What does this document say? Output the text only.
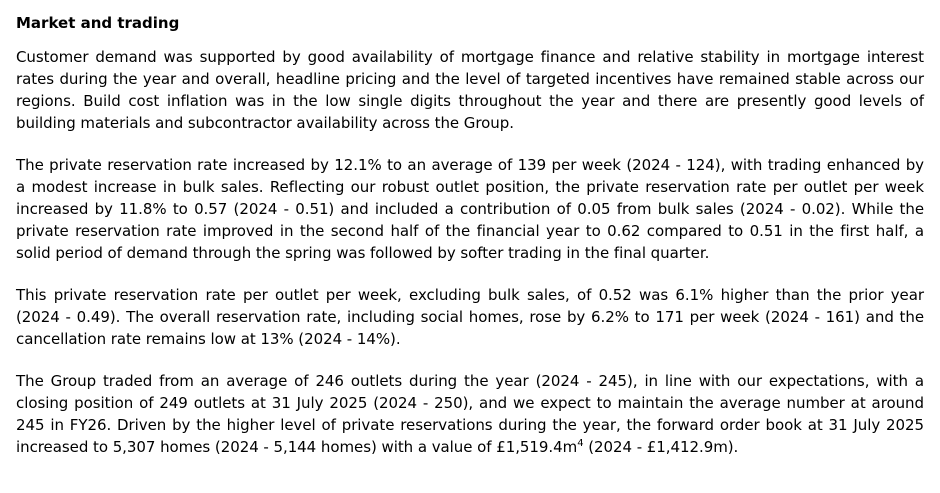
Market and trading

Customer demand was supported by good availability of mortgage finance and relative stability in mortgage interest rates during the year and overall, headline pricing and the level of targeted incentives have remained stable across our regions. Build cost inflation was in the low single digits throughout the year and there are presently good levels of building materials and subcontractor availability across the Group.

The private reservation rate increased by 12.1% to an average of 139 per week (2024 - 124), with trading enhanced by a modest increase in bulk sales. Reflecting our robust outlet position, the private reservation rate per outlet per week increased by 11.8% to 0.57 (2024 - 0.51) and included a contribution of 0.05 from bulk sales (2024 - 0.02). While the private reservation rate improved in the second half of the financial year to 0.62 compared to 0.51 in the first half, a solid period of demand through the spring was followed by softer trading in the final quarter.

This private reservation rate per outlet per week, excluding bulk sales, of 0.52 was 6.1% higher than the prior year (2024 - 0.49). The overall reservation rate, including social homes, rose by 6.2% to 171 per week (2024 - 161) and the cancellation rate remains low at 13% (2024 - 14%).

The Group traded from an average of 246 outlets during the year (2024 - 245), in line with our expectations, with a closing position of 249 outlets at 31 July 2025 (2024 - 250), and we expect to maintain the average number at around 245 in FY26. Driven by the higher level of private reservations during the year, the forward order book at 31 July 2025 increased to 5,307 homes (2024 - 5,144 homes) with a value of $£1,519.4m^4$ (2024 - £1,412.9m).
